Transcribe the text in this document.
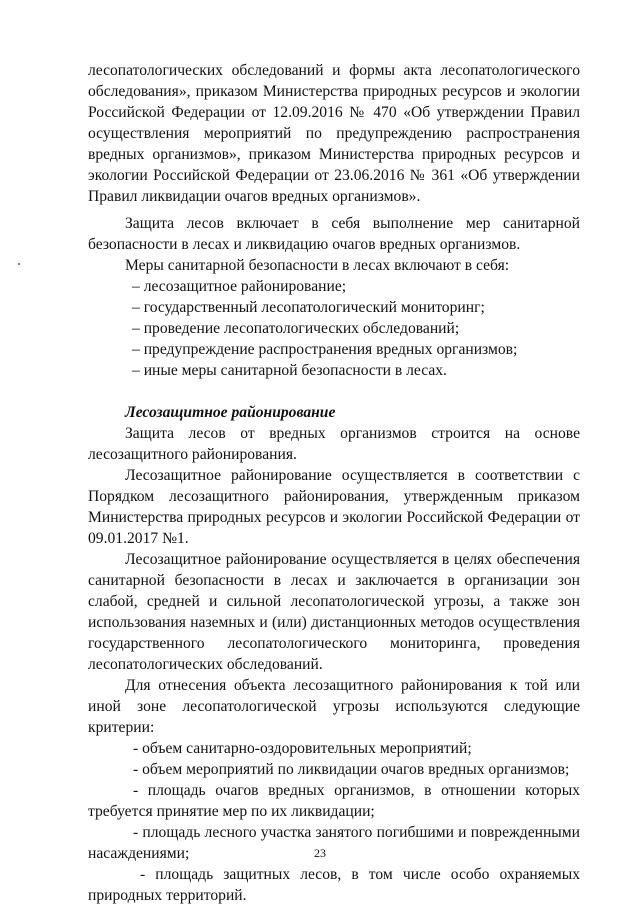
лесопатологических обследований и формы акта лесопатологического обследования», приказом Министерства природных ресурсов и экологии Российской Федерации от 12.09.2016 № 470 «Об утверждении Правил осуществления мероприятий по предупреждению распространения вредных организмов», приказом Министерства природных ресурсов и экологии Российской Федерации от 23.06.2016 № 361 «Об утверждении Правил ликвидации очагов вредных организмов».

Защита лесов включает в себя выполнение мер санитарной безопасности в лесах и ликвидацию очагов вредных организмов.

Меры санитарной безопасности в лесах включают в себя:

– лесозащитное районирование;

– государственный лесопатологический мониторинг;

– проведение лесопатологических обследований;

– предупреждение распространения вредных организмов;

– иные меры санитарной безопасности в лесах.

Лесозащитное районирование

Защита лесов от вредных организмов строится на основе лесозащитного районирования.

Лесозащитное районирование осуществляется в соответствии с Порядком лесозащитного районирования, утвержденным приказом Министерства природных ресурсов и экологии Российской Федерации от 09.01.2017 №1.

Лесозащитное районирование осуществляется в целях обеспечения санитарной безопасности в лесах и заключается в организации зон слабой, средней и сильной лесопатологической угрозы, а также зон использования наземных и (или) дистанционных методов осуществления государственного лесопатологического мониторинга, проведения лесопатологических обследований.

Для отнесения объекта лесозащитного районирования к той или иной зоне лесопатологической угрозы используются следующие критерии:

- объем санитарно-оздоровительных мероприятий;

- объем мероприятий по ликвидации очагов вредных организмов;

- площадь очагов вредных организмов, в отношении которых требуется принятие мер по их ликвидации;

- площадь лесного участка занятого погибшими и поврежденными насаждениями;

- площадь защитных лесов, в том числе особо охраняемых природных территорий.

23
